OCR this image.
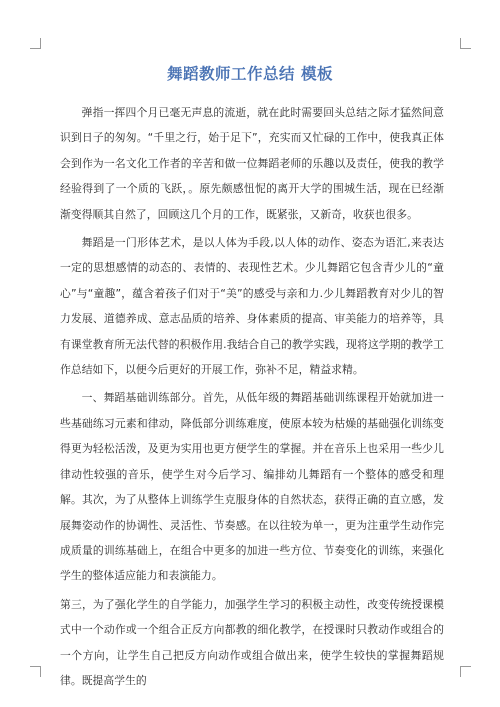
舞蹈教师工作总结 模板

弹指一挥四个月已毫无声息的流逝，就在此时需要回头总结之际才猛然间意识到日子的匆匆。“千里之行，始于足下”，充实而又忙碌的工作中，使我真正体会到作为一名文化工作者的辛苦和做一位舞蹈老师的乐趣以及责任，使我的教学经验得到了一个质的飞跃，。原先颇感忸怩的离开大学的围城生活，现在已经渐渐变得顺其自然了，回顾这几个月的工作，既紧张，又新奇，收获也很多。

舞蹈是一门形体艺术，是以人体为手段,以人体的动作、姿态为语汇,来表达一定的思想感情的动态的、表情的、表现性艺术。少儿舞蹈它包含青少儿的“童心”与“童趣”，蕴含着孩子们对于“美”的感受与亲和力.少儿舞蹈教育对少儿的智力发展、道德养成、意志品质的培养、身体素质的提高、审美能力的培养等，具有课堂教育所无法代替的积极作用.我结合自己的教学实践，现将这学期的教学工作总结如下，以便今后更好的开展工作，弥补不足，精益求精。

一、舞蹈基础训练部分。首先，从低年级的舞蹈基础训练课程开始就加进一些基础练习元素和律动，降低部分训练难度，使原本较为枯燥的基础强化训练变得更为轻松活泼，及更为实用也更方便学生的掌握。并在音乐上也采用一些少儿律动性较强的音乐，使学生对今后学习、编排幼儿舞蹈有一个整体的感受和理解。其次，为了从整体上训练学生克服身体的自然状态，获得正确的直立感，发展舞姿动作的协调性、灵活性、节奏感。在以往较为单一，更为注重学生动作完成质量的训练基础上，在组合中更多的加进一些方位、节奏变化的训练，来强化学生的整体适应能力和表演能力。

第三，为了强化学生的自学能力，加强学生学习的积极主动性，改变传统授课模式中一个动作或一个组合正反方向都教的细化教学，在授课时只教动作或组合的一个方向，让学生自己把反方向动作或组合做出来，使学生较快的掌握舞蹈规律。既提高学生的
